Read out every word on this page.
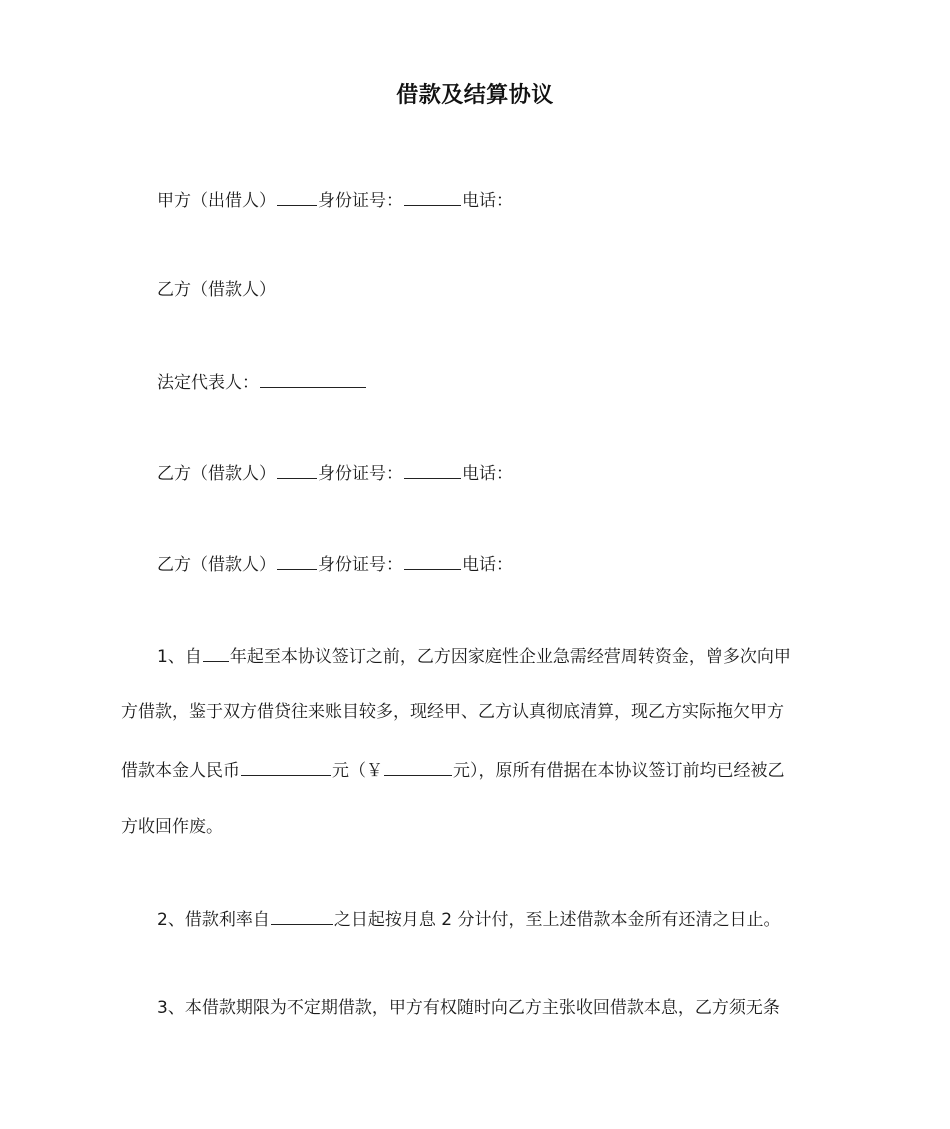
借款及结算协议
甲方（出借人） 身份证号：	电话：
乙方（借款人）
法定代表人：
乙方（借款人） 身份证号：	电话：
乙方（借款人） 身份证号：	电话：
1、自 年起至本协议签订之前，乙方因家庭性企业急需经营周转资金，曾多次向甲
方借款，鉴于双方借贷往来账目较多，现经甲、乙方认真彻底清算，现乙方实际拖欠甲方
借款本金人民币	元（￥	元），原所有借据在本协议签订前均已经被乙
方收回作废。
2、借款利率自	之日起按月息 2 分计付，至上述借款本金所有还清之日止。
3、本借款期限为不定期借款，甲方有权随时向乙方主张收回借款本息，乙方须无条
